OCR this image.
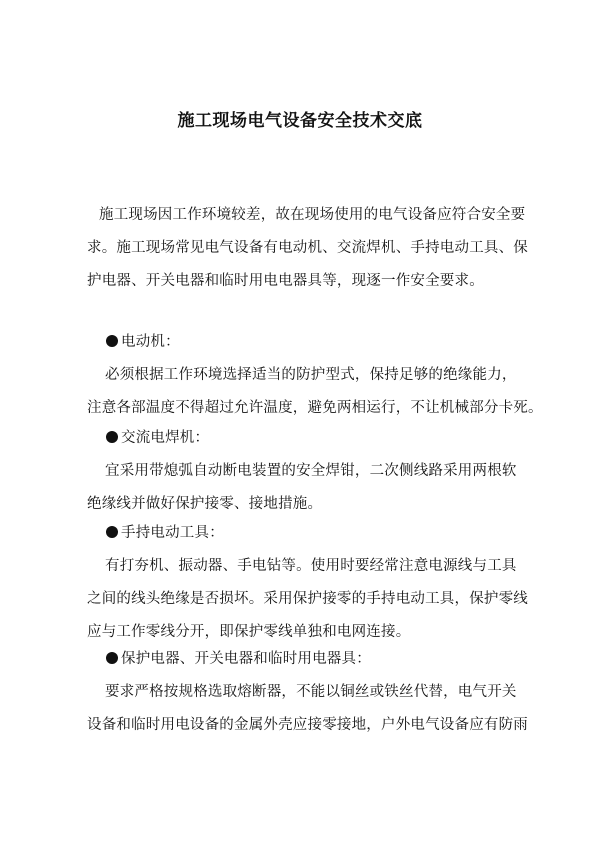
施工现场电气设备安全技术交底
施工现场因工作环境较差，故在现场使用的电气设备应符合安全要
求。施工现场常见电气设备有电动机、交流焊机、手持电动工具、保
护电器、开关电器和临时用电电器具等，现逐一作安全要求。
电动机：
必须根据工作环境选择适当的防护型式，保持足够的绝缘能力，
注意各部温度不得超过允许温度，避免两相运行，不让机械部分卡死。
交流电焊机：
宜采用带熄弧自动断电装置的安全焊钳，二次侧线路采用两根软
绝缘线并做好保护接零、接地措施。
手持电动工具：
有打夯机、振动器、手电钻等。使用时要经常注意电源线与工具
之间的线头绝缘是否损坏。采用保护接零的手持电动工具，保护零线
应与工作零线分开，即保护零线单独和电网连接。
保护电器、开关电器和临时用电器具：
要求严格按规格选取熔断器，不能以铜丝或铁丝代替，电气开关
设备和临时用电设备的金属外壳应接零接地，户外电气设备应有防雨
